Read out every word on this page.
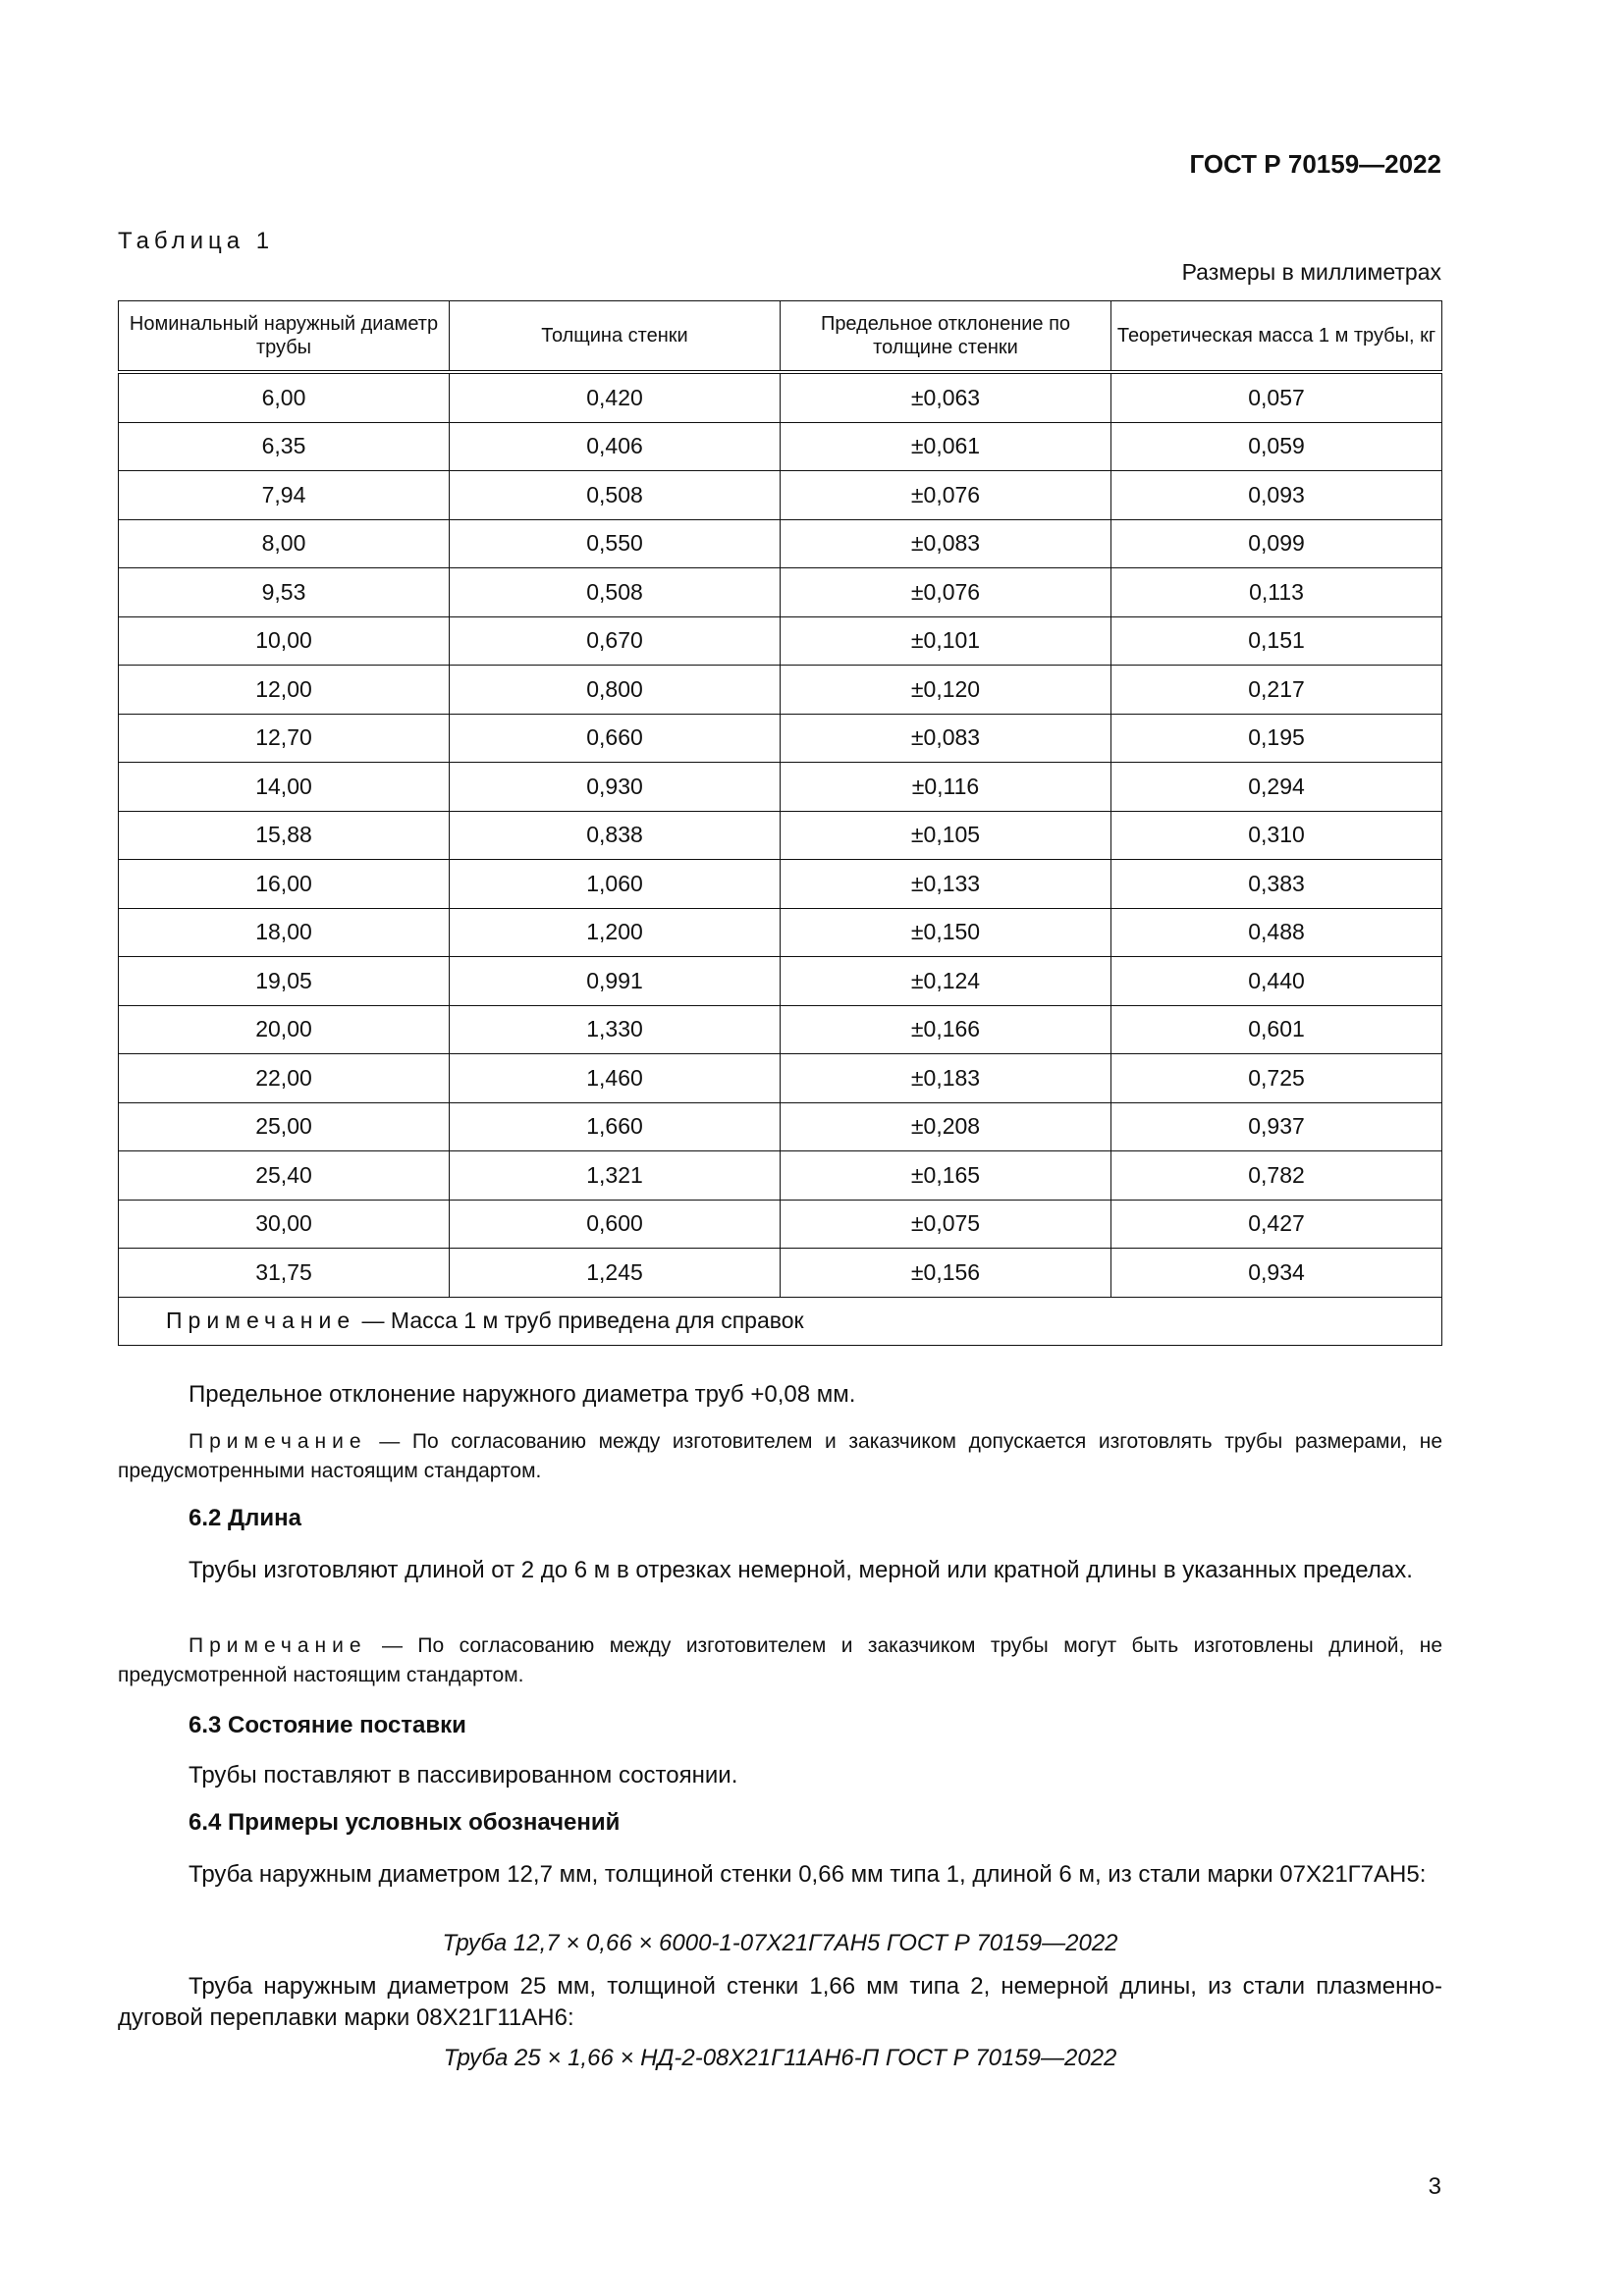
ГОСТ Р 70159—2022
Таблица 1
Размеры в миллиметрах
Номинальный наружный диаметр трубы	Толщина стенки	Предельное отклонение по толщине стенки	Теоретическая масса 1 м трубы, кг
6,00	0,420	±0,063	0,057
6,35	0,406	±0,061	0,059
7,94	0,508	±0,076	0,093
8,00	0,550	±0,083	0,099
9,53	0,508	±0,076	0,113
10,00	0,670	±0,101	0,151
12,00	0,800	±0,120	0,217
12,70	0,660	±0,083	0,195
14,00	0,930	±0,116	0,294
15,88	0,838	±0,105	0,310
16,00	1,060	±0,133	0,383
18,00	1,200	±0,150	0,488
19,05	0,991	±0,124	0,440
20,00	1,330	±0,166	0,601
22,00	1,460	±0,183	0,725
25,00	1,660	±0,208	0,937
25,40	1,321	±0,165	0,782
30,00	0,600	±0,075	0,427
31,75	1,245	±0,156	0,934
Примечание — Масса 1 м труб приведена для справок			
Предельное отклонение наружного диаметра труб +0,08 мм.
Примечание — По согласованию между изготовителем и заказчиком допускается изготовлять трубы размерами, не предусмотренными настоящим стандартом.
6.2 Длина
Трубы изготовляют длиной от 2 до 6 м в отрезках немерной, мерной или кратной длины в указанных пределах.
Примечание — По согласованию между изготовителем и заказчиком трубы могут быть изготовлены длиной, не предусмотренной настоящим стандартом.
6.3 Состояние поставки
Трубы поставляют в пассивированном состоянии.
6.4 Примеры условных обозначений
Труба наружным диаметром 12,7 мм, толщиной стенки 0,66 мм типа 1, длиной 6 м, из стали марки 07Х21Г7АН5:
Труба 12,7 × 0,66 × 6000-1-07Х21Г7АН5 ГОСТ Р 70159—2022
Труба наружным диаметром 25 мм, толщиной стенки 1,66 мм типа 2, немерной длины, из стали плазменно-дуговой переплавки марки 08Х21Г11АН6:
Труба 25 × 1,66 × НД-2-08Х21Г11АН6-П ГОСТ Р 70159—2022
3
